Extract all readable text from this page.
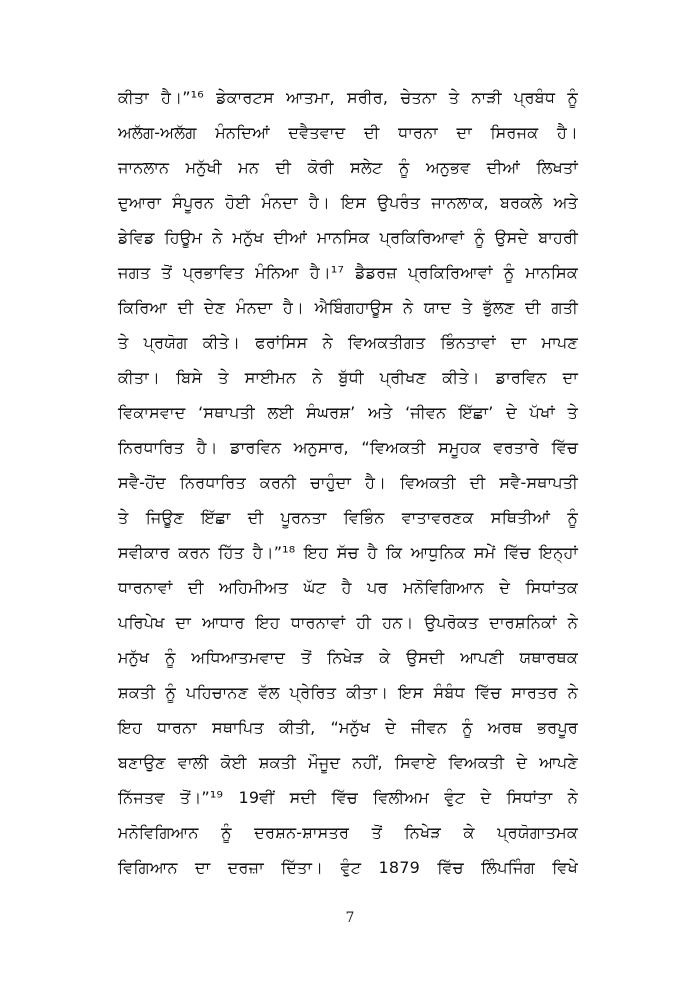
ਕੀਤਾ ਹੈ।”¹⁶ ਡੇਕਾਰਟਸ ਆਤਮਾ, ਸਰੀਰ, ਚੇਤਨਾ ਤੇ ਨਾੜੀ ਪ੍ਰਬੰਧ ਨੂੰ
ਅਲੱਗ-ਅਲੱਗ ਮੰਨਦਿਆਂ ਦਵੈਤਵਾਦ ਦੀ ਧਾਰਨਾ ਦਾ ਸਿਰਜਕ ਹੈ।
ਜਾਨਲਾਨ ਮਨੁੱਖੀ ਮਨ ਦੀ ਕੋਰੀ ਸਲੇਟ ਨੂੰ ਅਨੁਭਵ ਦੀਆਂ ਲਿਖਤਾਂ
ਦੁਆਰਾ ਸੰਪੂਰਨ ਹੋਈ ਮੰਨਦਾ ਹੈ। ਇਸ ਉਪਰੰਤ ਜਾਨਲਾਕ, ਬਰਕਲੇ ਅਤੇ
ਡੇਵਿਡ ਹਿਊਮ ਨੇ ਮਨੁੱਖ ਦੀਆਂ ਮਾਨਸਿਕ ਪ੍ਰਕਿਰਿਆਵਾਂ ਨੂੰ ਉਸਦੇ ਬਾਹਰੀ
ਜਗਤ ਤੋਂ ਪ੍ਰਭਾਵਿਤ ਮੰਨਿਆ ਹੈ।¹⁷ ਡੈਡਰਜ਼ ਪ੍ਰਕਿਰਿਆਵਾਂ ਨੂੰ ਮਾਨਸਿਕ
ਕਿਰਿਆ ਦੀ ਦੇਣ ਮੰਨਦਾ ਹੈ। ਐਬਿੰਗਹਾਊਸ ਨੇ ਯਾਦ ਤੇ ਭੁੱਲਣ ਦੀ ਗਤੀ
ਤੇ ਪ੍ਰਯੋਗ ਕੀਤੇ। ਫਰਾਂਸਿਸ ਨੇ ਵਿਅਕਤੀਗਤ ਭਿੰਨਤਾਵਾਂ ਦਾ ਮਾਪਣ
ਕੀਤਾ। ਬਿਸੇ ਤੇ ਸਾਈਮਨ ਨੇ ਬੁੱਧੀ ਪ੍ਰੀਖਣ ਕੀਤੇ। ਡਾਰਵਿਨ ਦਾ
ਵਿਕਾਸਵਾਦ ‘ਸਥਾਪਤੀ ਲਈ ਸੰਘਰਸ਼’ ਅਤੇ ‘ਜੀਵਨ ਇੱਛਾ’ ਦੇ ਪੱਖਾਂ ਤੇ
ਨਿਰਧਾਰਿਤ ਹੈ। ਡਾਰਵਿਨ ਅਨੁਸਾਰ, “ਵਿਅਕਤੀ ਸਮੂਹਕ ਵਰਤਾਰੇ ਵਿੱਚ
ਸਵੈ-ਹੋਂਦ ਨਿਰਧਾਰਿਤ ਕਰਨੀ ਚਾਹੁੰਦਾ ਹੈ। ਵਿਅਕਤੀ ਦੀ ਸਵੈ-ਸਥਾਪਤੀ
ਤੇ ਜਿਊਣ ਇੱਛਾ ਦੀ ਪੂਰਨਤਾ ਵਿਭਿੰਨ ਵਾਤਾਵਰਣਕ ਸਥਿਤੀਆਂ ਨੂੰ
ਸਵੀਕਾਰ ਕਰਨ ਹਿੱਤ ਹੈ।”¹⁸ ਇਹ ਸੱਚ ਹੈ ਕਿ ਆਧੁਨਿਕ ਸਮੇਂ ਵਿੱਚ ਇਨ੍ਹਾਂ
ਧਾਰਨਾਵਾਂ ਦੀ ਅਹਿਮੀਅਤ ਘੱਟ ਹੈ ਪਰ ਮਨੋਵਿਗਿਆਨ ਦੇ ਸਿਧਾਂਤਕ
ਪਰਿਪੇਖ ਦਾ ਆਧਾਰ ਇਹ ਧਾਰਨਾਵਾਂ ਹੀ ਹਨ। ਉਪਰੋਕਤ ਦਾਰਸ਼ਨਿਕਾਂ ਨੇ
ਮਨੁੱਖ ਨੂੰ ਅਧਿਆਤਮਵਾਦ ਤੋਂ ਨਿਖੇੜ ਕੇ ਉਸਦੀ ਆਪਣੀ ਯਥਾਰਥਕ
ਸ਼ਕਤੀ ਨੂੰ ਪਹਿਚਾਨਣ ਵੱਲ ਪ੍ਰੇਰਿਤ ਕੀਤਾ। ਇਸ ਸੰਬੰਧ ਵਿੱਚ ਸਾਰਤਰ ਨੇ
ਇਹ ਧਾਰਨਾ ਸਥਾਪਿਤ ਕੀਤੀ, “ਮਨੁੱਖ ਦੇ ਜੀਵਨ ਨੂੰ ਅਰਥ ਭਰਪੂਰ
ਬਣਾਉਣ ਵਾਲੀ ਕੋਈ ਸ਼ਕਤੀ ਮੌਜੂਦ ਨਹੀਂ, ਸਿਵਾਏ ਵਿਅਕਤੀ ਦੇ ਆਪਣੇ
ਨਿੱਜਤਵ ਤੋਂ।”¹⁹ 19ਵੀਂ ਸਦੀ ਵਿੱਚ ਵਿਲੀਅਮ ਵੁੰਟ ਦੇ ਸਿਧਾਂਤਾ ਨੇ
ਮਨੋਵਿਗਿਆਨ ਨੂੰ ਦਰਸ਼ਨ-ਸ਼ਾਸਤਰ ਤੋਂ ਨਿਖੇੜ ਕੇ ਪ੍ਰਯੋਗਾਤਮਕ
ਵਿਗਿਆਨ ਦਾ ਦਰਜ਼ਾ ਦਿੱਤਾ। ਵੁੰਟ 1879 ਵਿੱਚ ਲਿੰਪਜਿੰਗ ਵਿਖੇ
7
